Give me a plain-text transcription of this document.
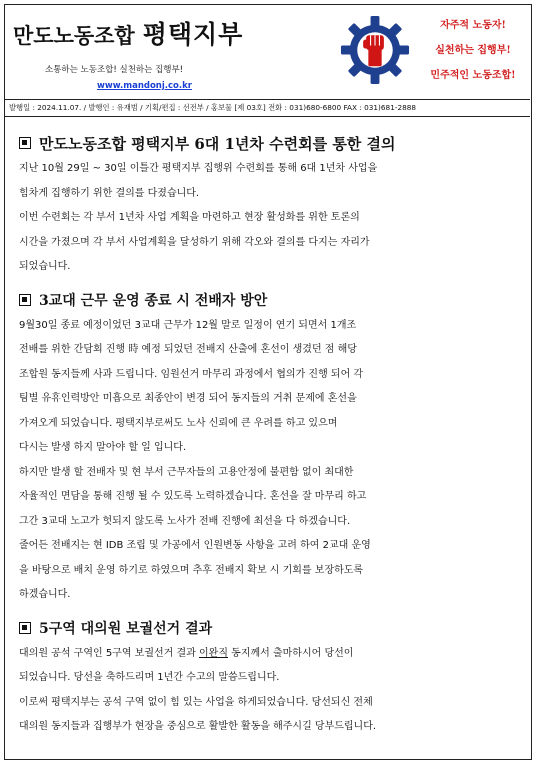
만도노동조합 평택지부
소통하는 노동조합! 실천하는 집행부!
www.mandonj.co.kr
자주적 노동자!
실천하는 집행부!
민주적인 노동조합!
발행일 : 2024.11.07. / 발행인 : 유재범 / 기획/편집 : 선전부 / 홍보물 [제 03호] 전화 : 031)680-6800 FAX : 031)681-2888
만도노동조합 평택지부 6대 1년차 수련회를 통한 결의
지난 10월 29일 ~ 30일 이틀간 평택지부 집행위 수련회를 통해 6대 1년차 사업을
힘차게 집행하기 위한 결의를 다졌습니다.
이번 수련회는 각 부서 1년차 사업 계획을 마련하고 현장 활성화를 위한 토론의
시간을 가졌으며 각 부서 사업계획을 달성하기 위해 각오와 결의를 다지는 자리가
되었습니다.
3교대 근무 운영 종료 시 전배자 방안
9월30일 종료 예정이었던 3교대 근무가 12월 말로 일정이 연기 되면서 1개조
전배를 위한 간담회 진행 時 예정 되었던 전배지 산출에 혼선이 생겼던 점 해당
조합원 동지들께 사과 드립니다. 임원선거 마무리 과정에서 협의가 진행 되어 각
팀별 유휴인력방안 미흡으로 최종안이 변경 되어 동지들의 거취 문제에 혼선을
가져오게 되었습니다. 평택지부로써도 노사 신뢰에 큰 우려를 하고 있으며
다시는 발생 하지 말아야 할 일 입니다.
하지만 발생 할 전배자 및 현 부서 근무자들의 고용안정에 불편함 없이 최대한
자율적인 면담을 통해 진행 될 수 있도록 노력하겠습니다. 혼선을 잘 마무리 하고
그간 3교대 노고가 헛되지 않도록 노사가 전배 진행에 최선을 다 하겠습니다.
줄어든 전배지는 현 IDB 조립 및 가공에서 인원변동 사항을 고려 하여 2교대 운영
을 바탕으로 배치 운영 하기로 하였으며 추후 전배지 확보 시 기회를 보장하도록
하겠습니다.
5구역 대의원 보궐선거 결과
대의원 공석 구역인 5구역 보궐선거 결과 이완직 동지께서 출마하시어 당선이
되었습니다. 당선을 축하드리며 1년간 수고의 말씀드립니다.
이로써 평택지부는 공석 구역 없이 힘 있는 사업을 하게되었습니다. 당선되신 전체
대의원 동지들과 집행부가 현장을 중심으로 활발한 활동을 해주시길 당부드립니다.
